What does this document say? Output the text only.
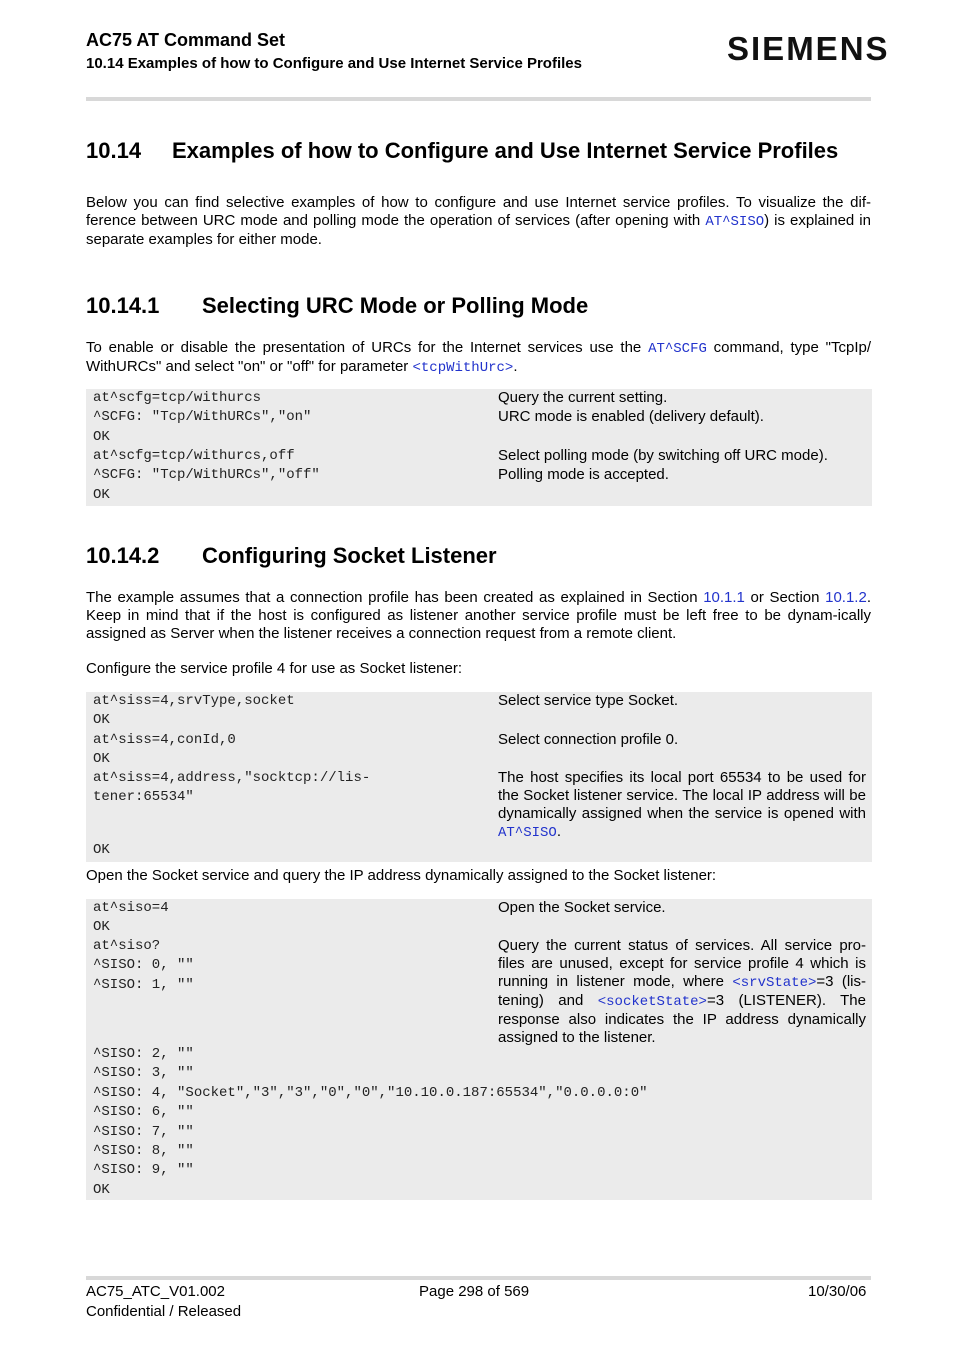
AC75 AT Command Set
10.14 Examples of how to Configure and Use Internet Service Profiles	SIEMENS
10.14 Examples of how to Configure and Use Internet Service Profiles
Below you can find selective examples of how to configure and use Internet service profiles. To visualize the dif-ference between URC mode and polling mode the operation of services (after opening with AT^SISO) is explained in separate examples for either mode.
10.14.1 Selecting URC Mode or Polling Mode
To enable or disable the presentation of URCs for the Internet services use the AT^SCFG command, type "TcpIp/ WithURCs" and select "on" or "off" for parameter <tcpWithUrc>.
at^scfg=tcp/withurcs
^SCFG: "Tcp/WithURCs","on"
OK
Query the current setting.
URC mode is enabled (delivery default).
at^scfg=tcp/withurcs,off
^SCFG: "Tcp/WithURCs","off"
OK
Select polling mode (by switching off URC mode).
Polling mode is accepted.
10.14.2 Configuring Socket Listener
The example assumes that a connection profile has been created as explained in Section 10.1.1 or Section 10.1.2. Keep in mind that if the host is configured as listener another service profile must be left free to be dynam-ically assigned as Server when the listener receives a connection request from a remote client.
Configure the service profile 4 for use as Socket listener:
at^siss=4,srvType,socket
OK
Select service type Socket.
at^siss=4,conId,0
OK
Select connection profile 0.
at^siss=4,address,"socktcp://lis-
tener:65534"
The host specifies its local port 65534 to be used for the Socket listener service. The local IP address will be dynamically assigned when the service is opened with AT^SISO.
OK
Open the Socket service and query the IP address dynamically assigned to the Socket listener:
at^siso=4
OK
Open the Socket service.
at^siso?
^SISO: 0, ""
^SISO: 1, ""
Query the current status of services. All service pro-files are unused, except for service profile 4 which is running in listener mode, where <srvState>=3 (lis-tening) and <socketState>=3 (LISTENER). The response also indicates the IP address dynamically assigned to the listener.
^SISO: 2, ""
^SISO: 3, ""
^SISO: 4, "Socket","3","3","0","0","10.10.0.187:65534","0.0.0.0:0"
^SISO: 6, ""
^SISO: 7, ""
^SISO: 8, ""
^SISO: 9, ""
OK
AC75_ATC_V01.002
Confidential / Released
Page 298 of 569	10/30/06
